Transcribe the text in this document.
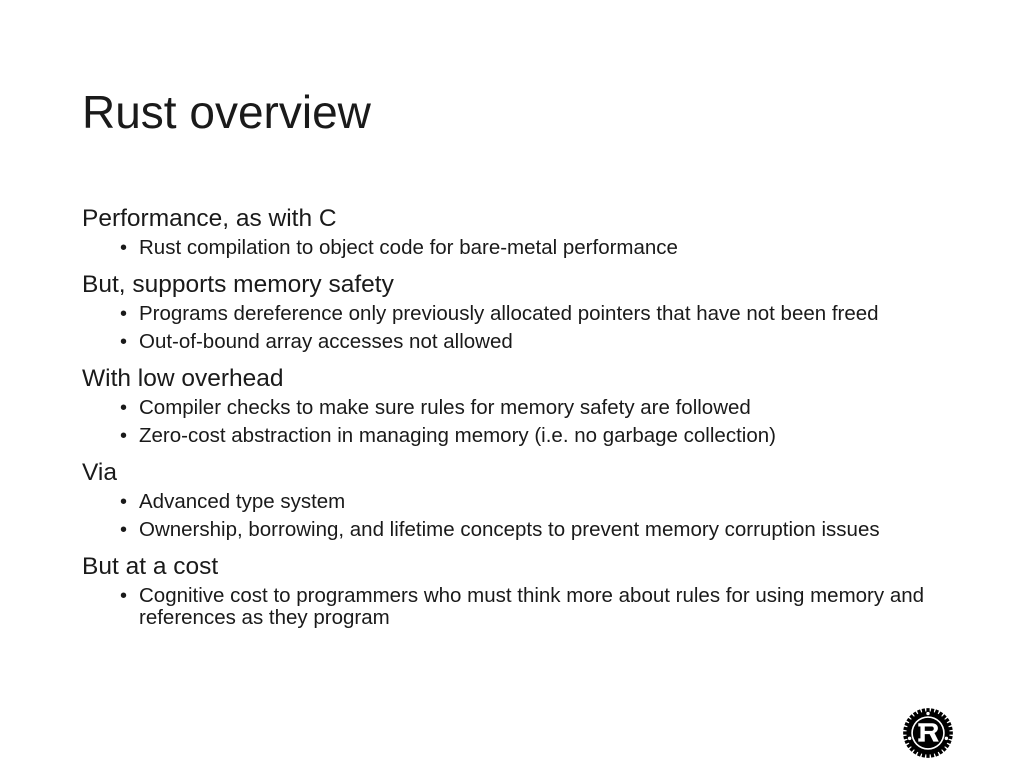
Rust overview

Performance, as with C

• Rust compilation to object code for bare-metal performance

But, supports memory safety

• Programs dereference only previously allocated pointers that have not been freed
• Out-of-bound array accesses not allowed

With low overhead

• Compiler checks to make sure rules for memory safety are followed
• Zero-cost abstraction in managing memory (i.e. no garbage collection)

Via

• Advanced type system
• Ownership, borrowing, and lifetime concepts to prevent memory corruption issues

But at a cost

• Cognitive cost to programmers who must think more about rules for using memory and references as they program
